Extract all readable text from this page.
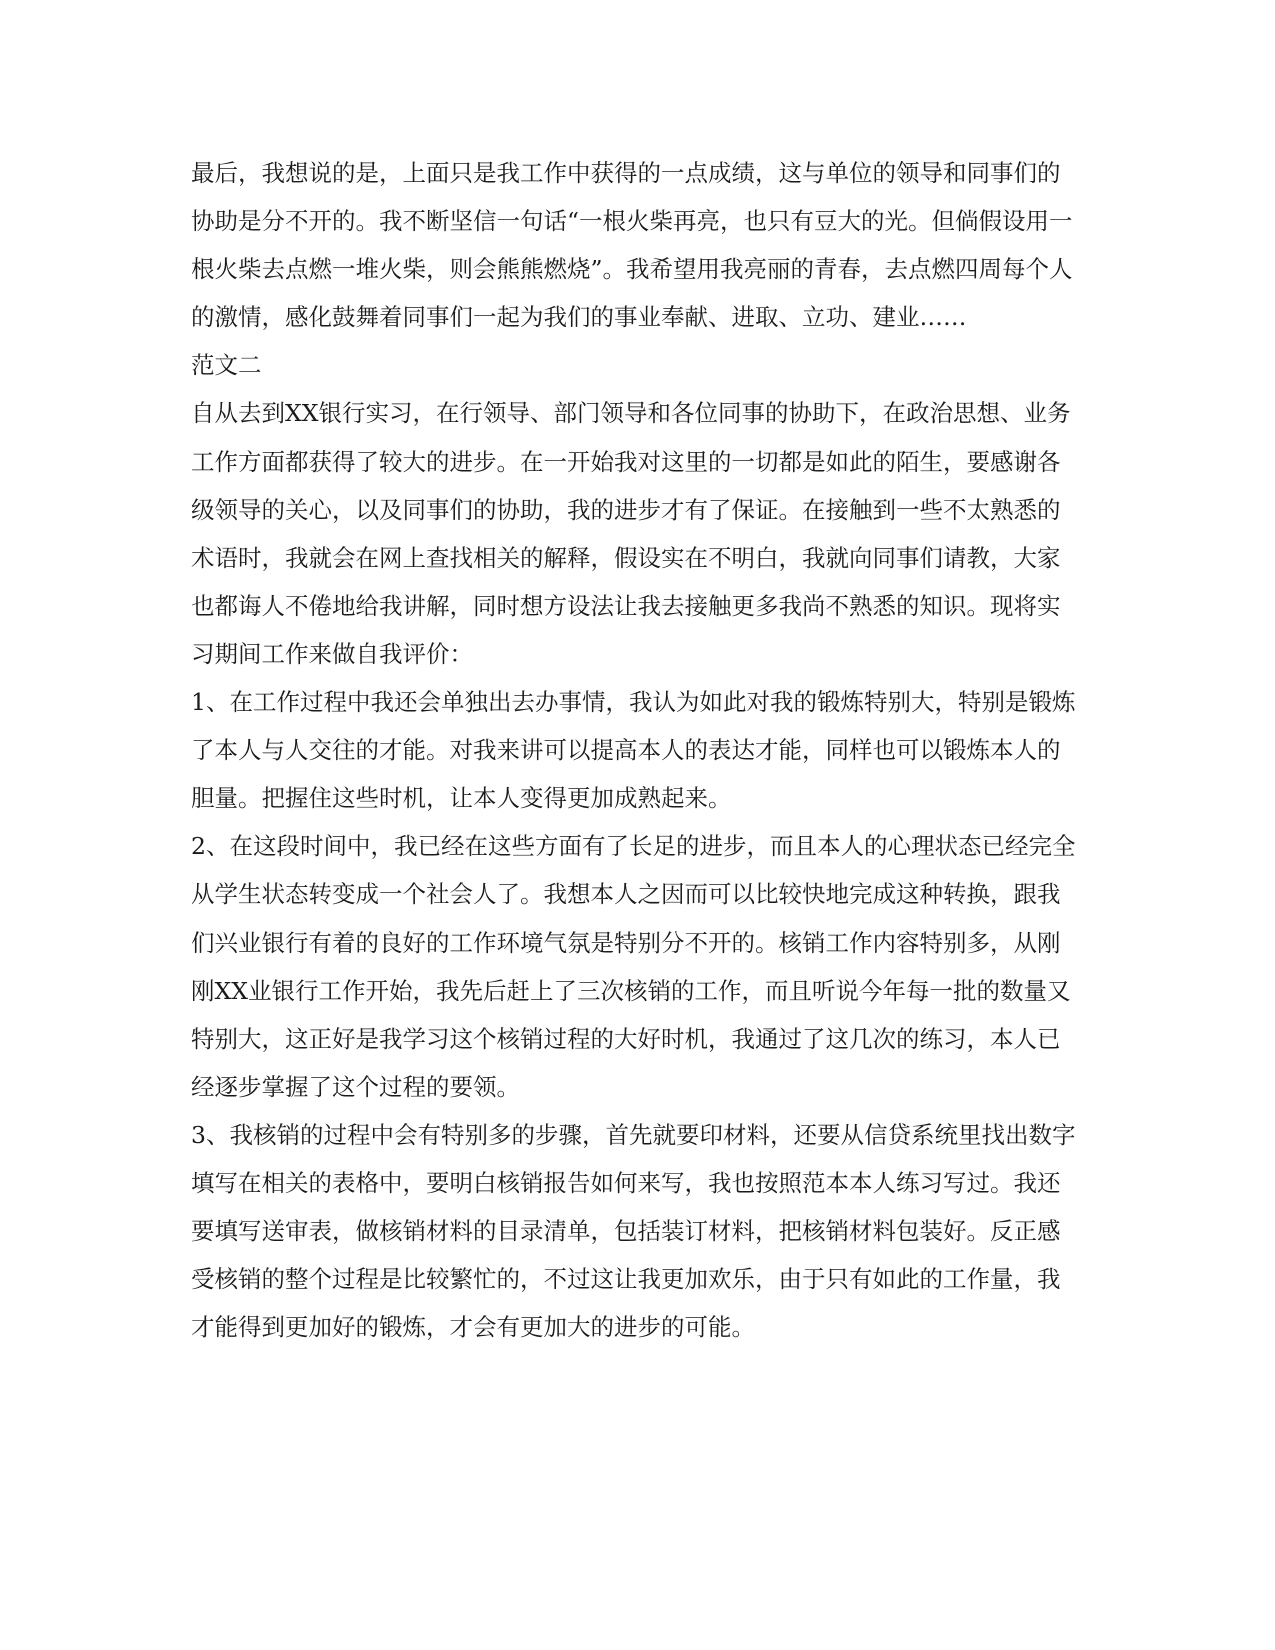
最后，我想说的是，上面只是我工作中获得的一点成绩，这与单位的领导和同事们的协助是分不开的。我不断坚信一句话“一根火柴再亮，也只有豆大的光。但倘假设用一根火柴去点燃一堆火柴，则会熊熊燃烧”。我希望用我亮丽的青春，去点燃四周每个人的激情，感化鼓舞着同事们一起为我们的事业奉献、进取、立功、建业……

范文二

自从去到XX银行实习，在行领导、部门领导和各位同事的协助下，在政治思想、业务工作方面都获得了较大的进步。在一开始我对这里的一切都是如此的陌生，要感谢各级领导的关心，以及同事们的协助，我的进步才有了保证。在接触到一些不太熟悉的术语时，我就会在网上查找相关的解释，假设实在不明白，我就向同事们请教，大家也都诲人不倦地给我讲解，同时想方设法让我去接触更多我尚不熟悉的知识。现将实习期间工作来做自我评价：

1、在工作过程中我还会单独出去办事情，我认为如此对我的锻炼特别大，特别是锻炼了本人与人交往的才能。对我来讲可以提高本人的表达才能，同样也可以锻炼本人的胆量。把握住这些时机，让本人变得更加成熟起来。

2、在这段时间中，我已经在这些方面有了长足的进步，而且本人的心理状态已经完全从学生状态转变成一个社会人了。我想本人之因而可以比较快地完成这种转换，跟我们兴业银行有着的良好的工作环境气氛是特别分不开的。核销工作内容特别多，从刚刚XX业银行工作开始，我先后赶上了三次核销的工作，而且听说今年每一批的数量又特别大，这正好是我学习这个核销过程的大好时机，我通过了这几次的练习，本人已经逐步掌握了这个过程的要领。

3、我核销的过程中会有特别多的步骤，首先就要印材料，还要从信贷系统里找出数字填写在相关的表格中，要明白核销报告如何来写，我也按照范本本人练习写过。我还要填写送审表，做核销材料的目录清单，包括装订材料，把核销材料包装好。反正感受核销的整个过程是比较繁忙的，不过这让我更加欢乐，由于只有如此的工作量，我才能得到更加好的锻炼，才会有更加大的进步的可能。
